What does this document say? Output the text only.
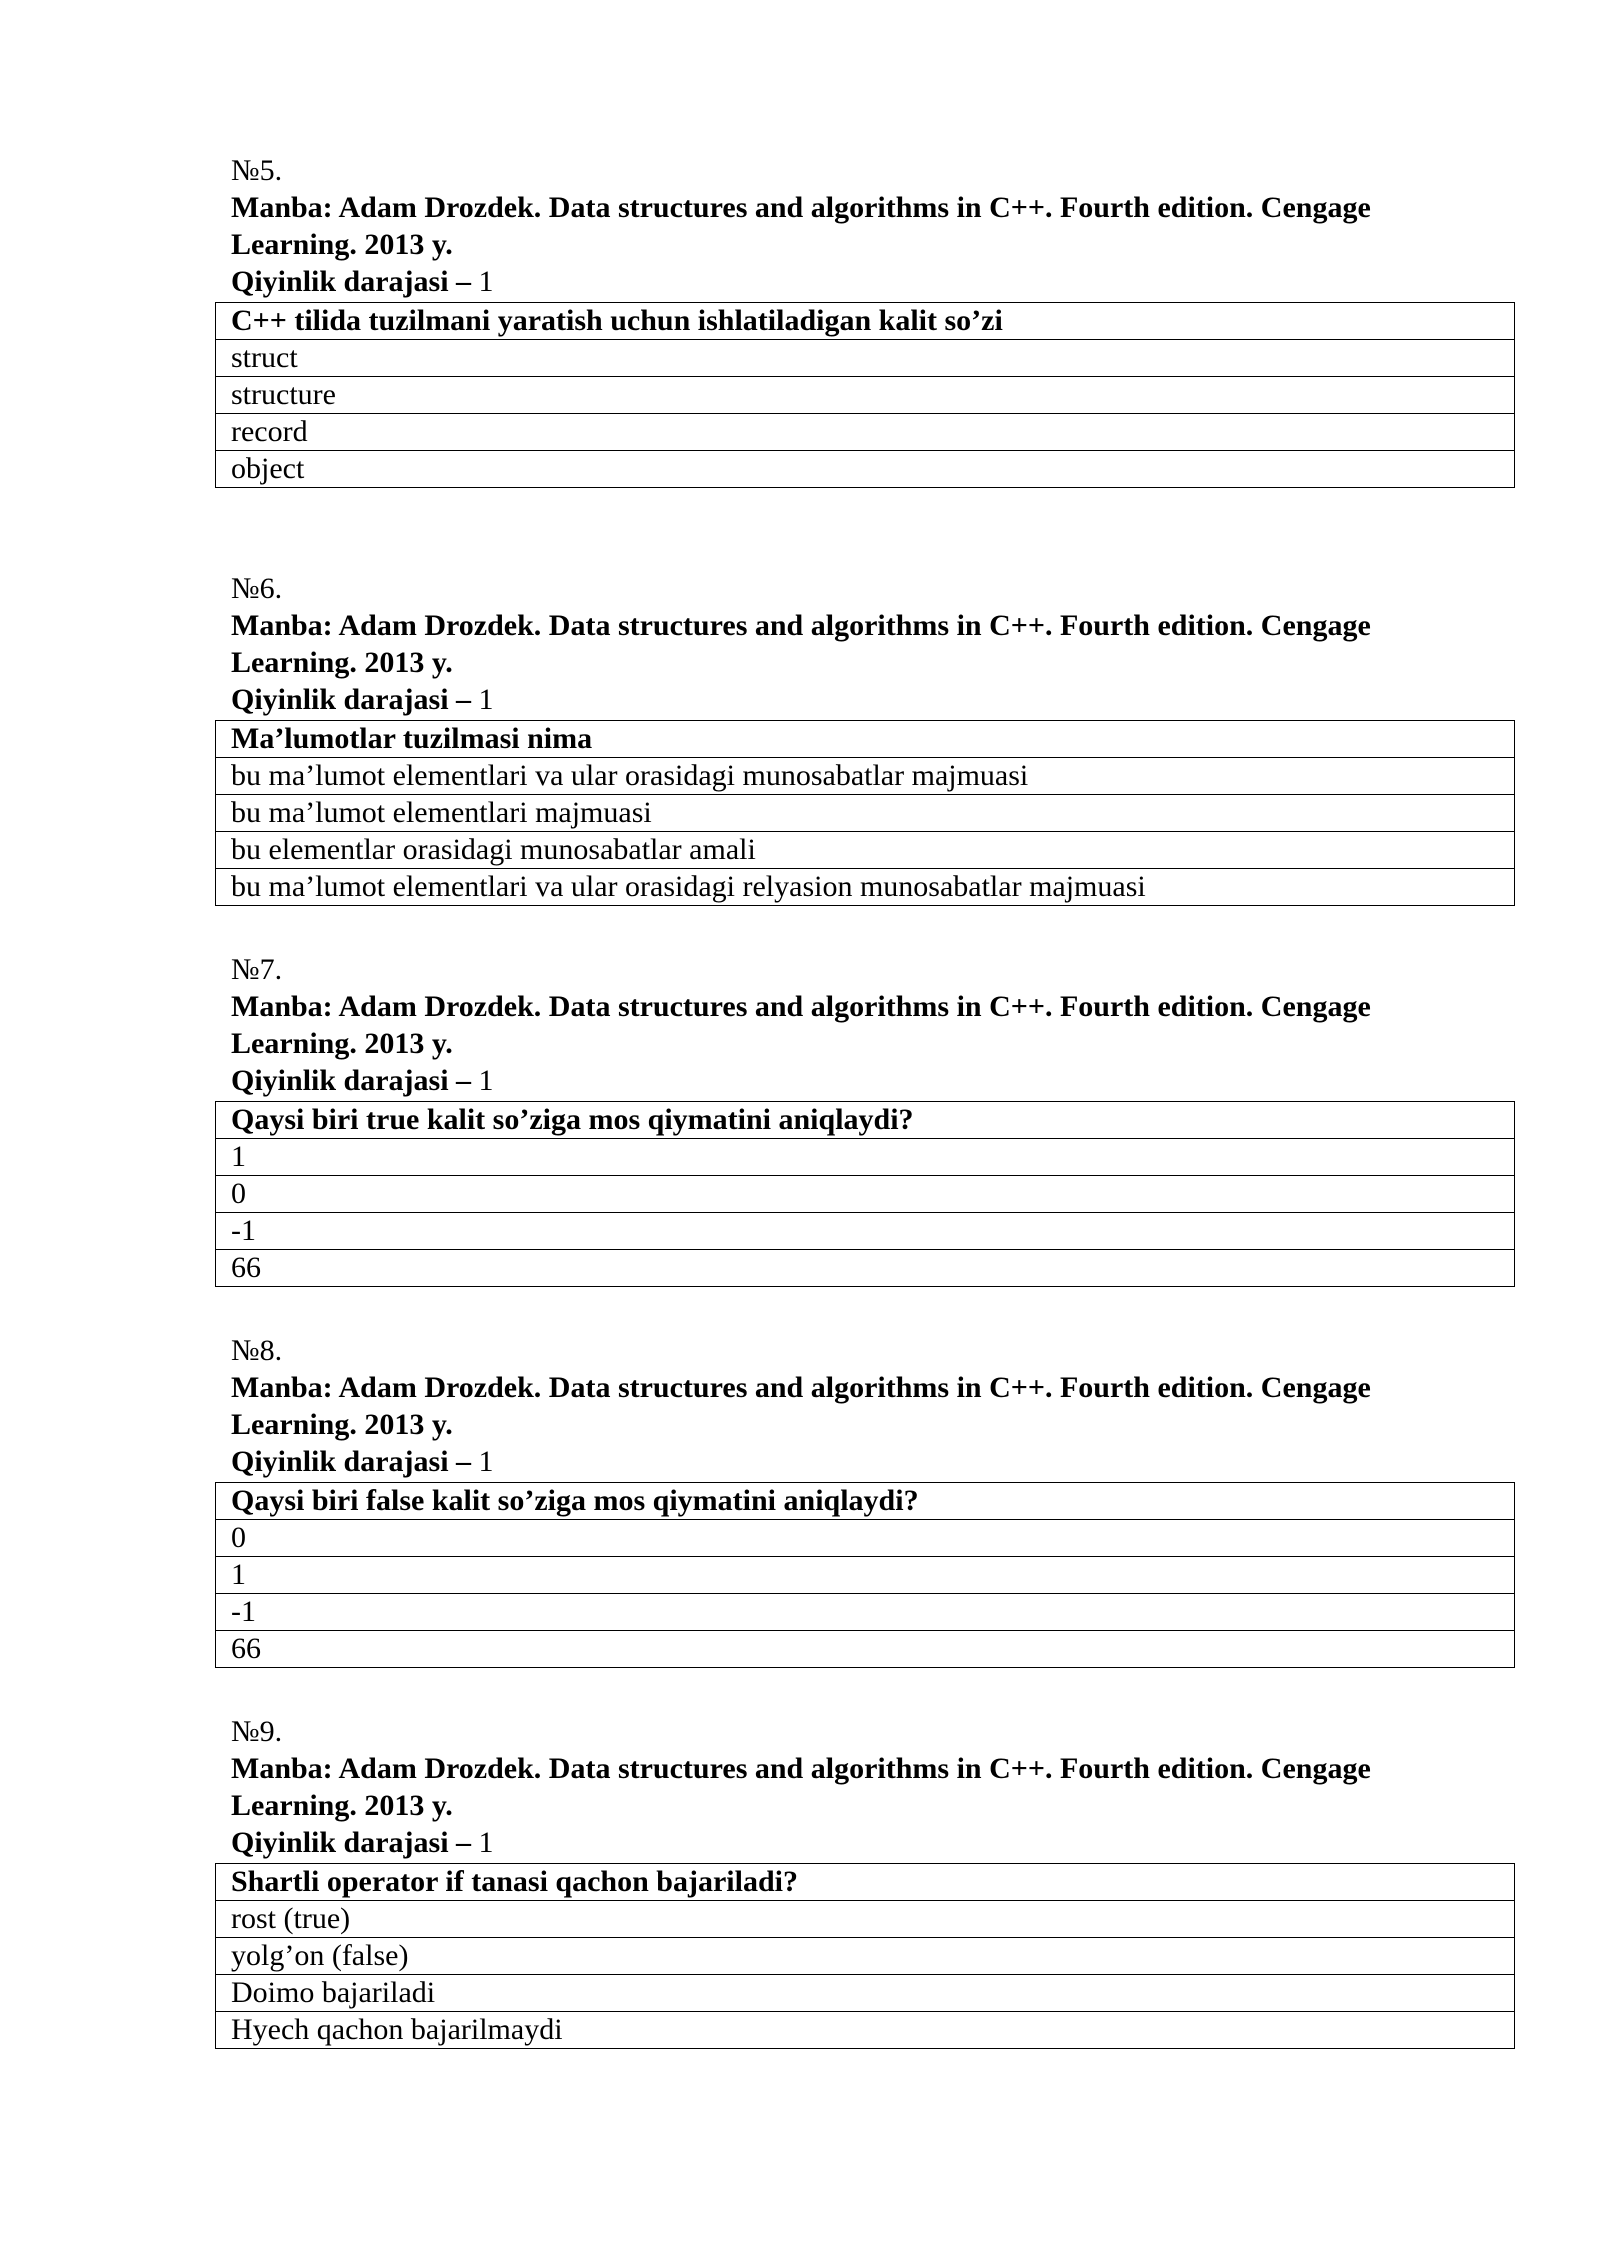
№5.
Manba: Adam Drozdek. Data structures and algorithms in C++. Fourth edition. Cengage
Learning. 2013 y.
Qiyinlik darajasi – 1
C++ tilida tuzilmani yaratish uchun ishlatiladigan kalit so’zi
struct
structure
record
object
№6.
Manba: Adam Drozdek. Data structures and algorithms in C++. Fourth edition. Cengage
Learning. 2013 y.
Qiyinlik darajasi – 1
Ma’lumotlar tuzilmasi nima
bu ma’lumot elementlari va ular orasidagi munosabatlar majmuasi
bu ma’lumot elementlari majmuasi
bu elementlar orasidagi munosabatlar amali
bu ma’lumot elementlari va ular orasidagi relyasion munosabatlar majmuasi
№7.
Manba: Adam Drozdek. Data structures and algorithms in C++. Fourth edition. Cengage
Learning. 2013 y.
Qiyinlik darajasi – 1
Qaysi biri true kalit so’ziga mos qiymatini aniqlaydi?
1
0
-1
66
№8.
Manba: Adam Drozdek. Data structures and algorithms in C++. Fourth edition. Cengage
Learning. 2013 y.
Qiyinlik darajasi – 1
Qaysi biri false kalit so’ziga mos qiymatini aniqlaydi?
0
1
-1
66
№9.
Manba: Adam Drozdek. Data structures and algorithms in C++. Fourth edition. Cengage
Learning. 2013 y.
Qiyinlik darajasi – 1
Shartli operator if tanasi qachon bajariladi?
rost (true)
yolg’on (false)
Doimo bajariladi
Hyech qachon bajarilmaydi
